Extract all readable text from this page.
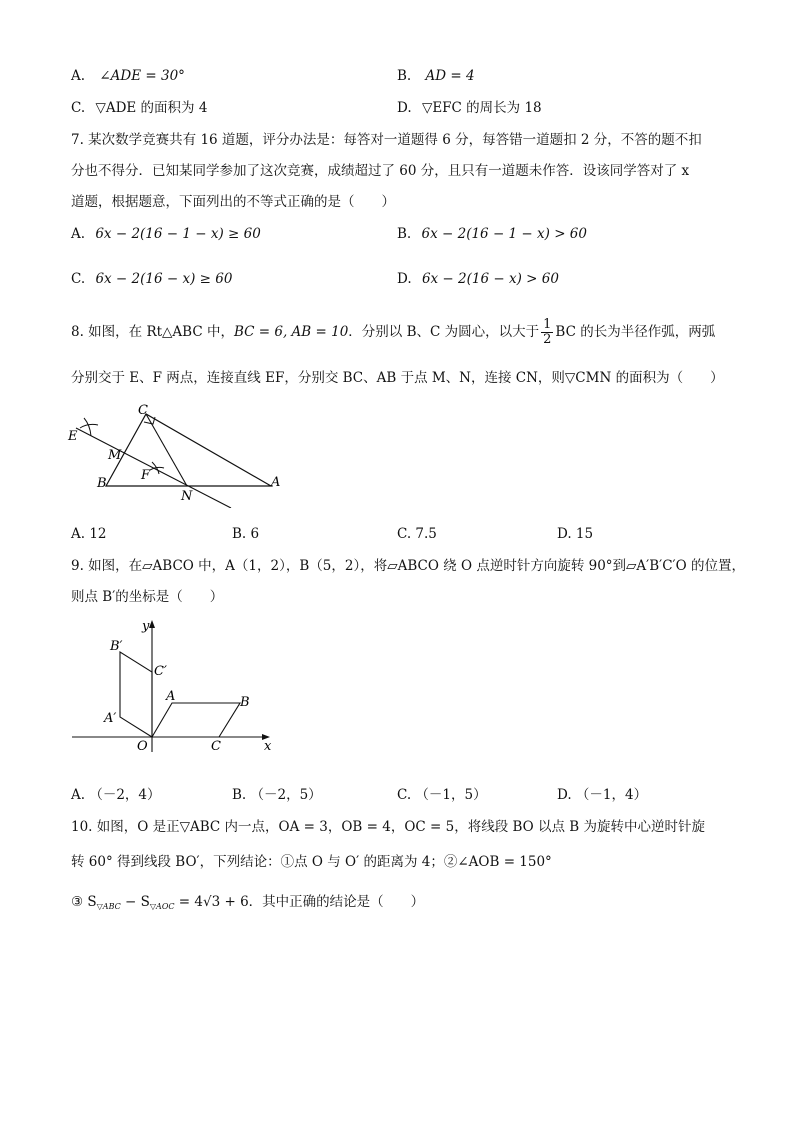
A. ∠ADE = 30°	B. AD = 4
C. ▽ADE 的面积为 4	D. ▽EFC 的周长为 18
7. 某次数学竞赛共有 16 道题，评分办法是：每答对一道题得 6 分，每答错一道题扣 2 分，不答的题不扣
分也不得分．已知某同学参加了这次竞赛，成绩超过了 60 分，且只有一道题未作答．设该同学答对了 x
道题，根据题意，下面列出的不等式正确的是（　　）
A. 6x − 2(16 − 1 − x) ≥ 60	B. 6x − 2(16 − 1 − x) > 60
C. 6x − 2(16 − x) ≥ 60	D. 6x − 2(16 − x) > 60
8. 如图，在 Rt△ABC 中，BC = 6, AB = 10．分别以 B、C 为圆心，以大于 $\frac{1}{2}$ BC 的长为半径作弧，两弧
分别交于 E、F 两点，连接直线 EF，分别交 BC、AB 于点 M、N，连接 CN，则▽CMN 的面积为（　　）
C
E
M
F
B
N
A
A. 12	B. 6	C. 7.5	D. 15
9. 如图，在▱ABCO 中，A（1，2），B（5，2），将▱ABCO 绕 O 点逆时针方向旋转 90°到▱A′B′C′O 的位置，
则点 B′的坐标是（　　）
y
x
B′
C′
A′
A	B
O	C
A. （－2，4）	B. （－2，5）	C. （－1，5）	D. （－1，4）
10. 如图，O 是正▽ABC 内一点，OA = 3，OB = 4，OC = 5，将线段 BO 以点 B 为旋转中心逆时针旋
转 60° 得到线段 BO′，下列结论：①点 O 与 O′ 的距离为 4；②∠AOB = 150°
③ $S_{▽ABC} - S_{▽AOC} = 4√3 + 6$．其中正确的结论是（　　）
